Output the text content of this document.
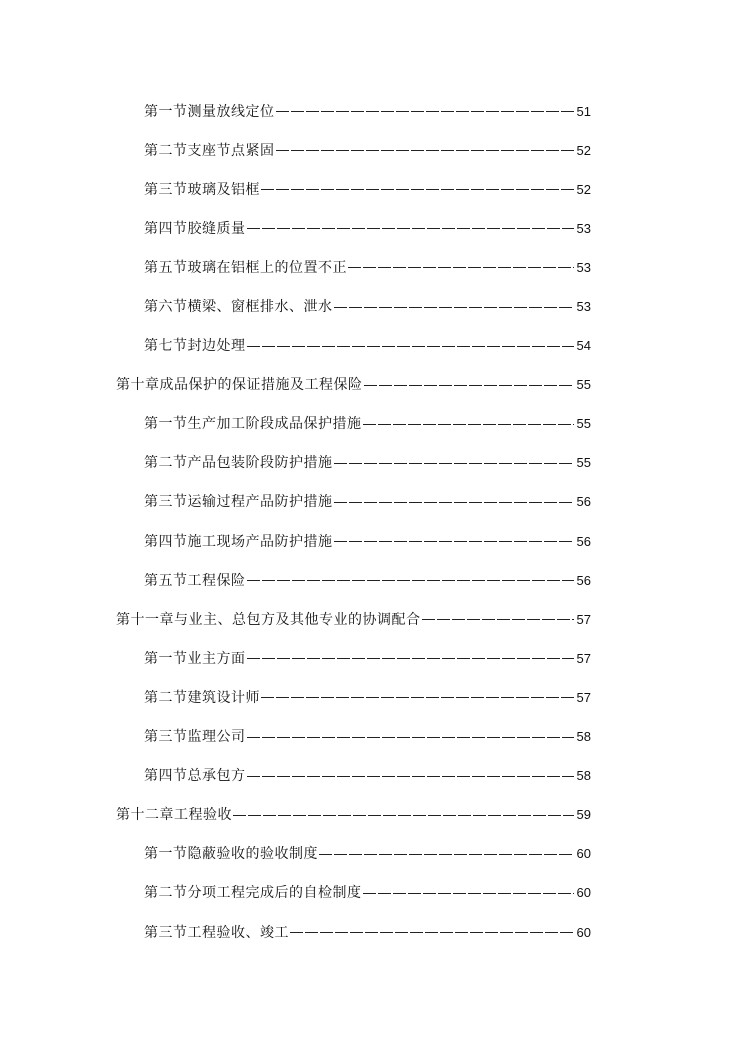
第一节测量放线定位	51
第二节支座节点紧固	52
第三节玻璃及铝框	52
第四节胶缝质量	53
第五节玻璃在铝框上的位置不正	53
第六节横梁、窗框排水、泄水	53
第七节封边处理	54
第十章成品保护的保证措施及工程保险	55
第一节生产加工阶段成品保护措施	55
第二节产品包装阶段防护措施	55
第三节运输过程产品防护措施	56
第四节施工现场产品防护措施	56
第五节工程保险	56
第十一章与业主、总包方及其他专业的协调配合	57
第一节业主方面	57
第二节建筑设计师	57
第三节监理公司	58
第四节总承包方	58
第十二章工程验收	59
第一节隐蔽验收的验收制度	60
第二节分项工程完成后的自检制度	60
第三节工程验收、竣工	60
